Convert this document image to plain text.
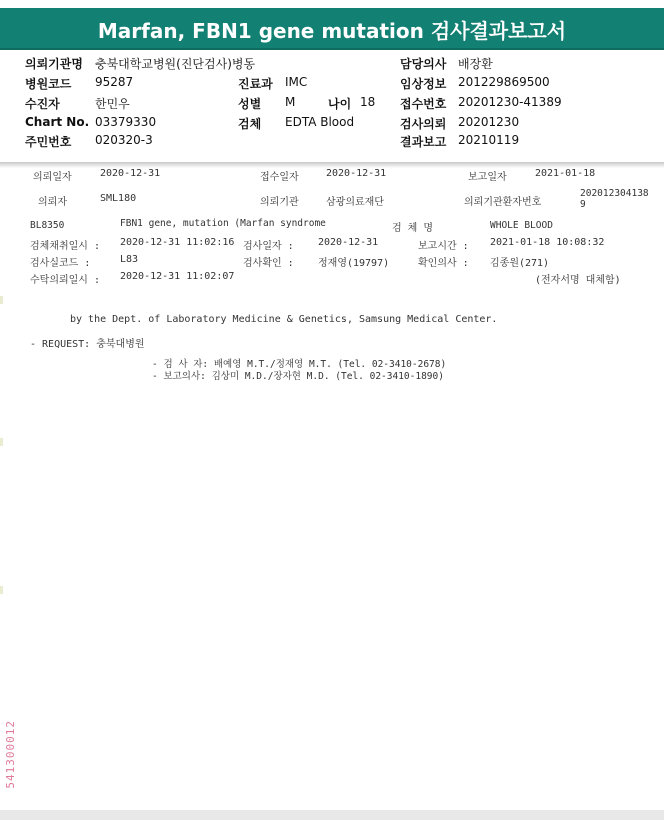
Marfan, FBN1 gene mutation 검사결과보고서
의뢰기관명 충북대학교병원(진단검사)병동
병원코드 95287
수진자	한민우
Chart No. 03379330
주민번호 020320-3
진료과 IMC
성별 M	나이 18
검체 EDTA Blood
담당의사 배장환
임상정보 201229869500
접수번호 20201230-41389
검사의뢰 20201230
결과보고 20210119
의뢰일자	2020-12-31	접수일자	2020-12-31	보고일자	2021-01-18
의뢰자	SML180	의뢰기관	삼광의료재단	의뢰기관환자번호
202012304138
9
BL8350	FBN1 gene, mutation (Marfan syndrome	검 체 명	WHOLE BLOOD
검체채취일시 : 2020-12-31 11:02:16 검사일자 : 2020-12-31	보고시간 : 2021-01-18 10:08:32
검사실코드 :	L83	검사확인 : 정재영(19797)	확인의사 : 김종원(271)
수탁의뢰일시 : 2020-12-31 11:02:07	(전자서명 대체함)
by the Dept. of Laboratory Medicine & Genetics, Samsung Medical Center.
- REQUEST: 충북대병원
- 검 사 자: 배예영 M.T./정재영 M.T. (Tel. 02-3410-2678)
- 보고의사: 김상미 M.D./장자현 M.D. (Tel. 02-3410-1890)
541300012
